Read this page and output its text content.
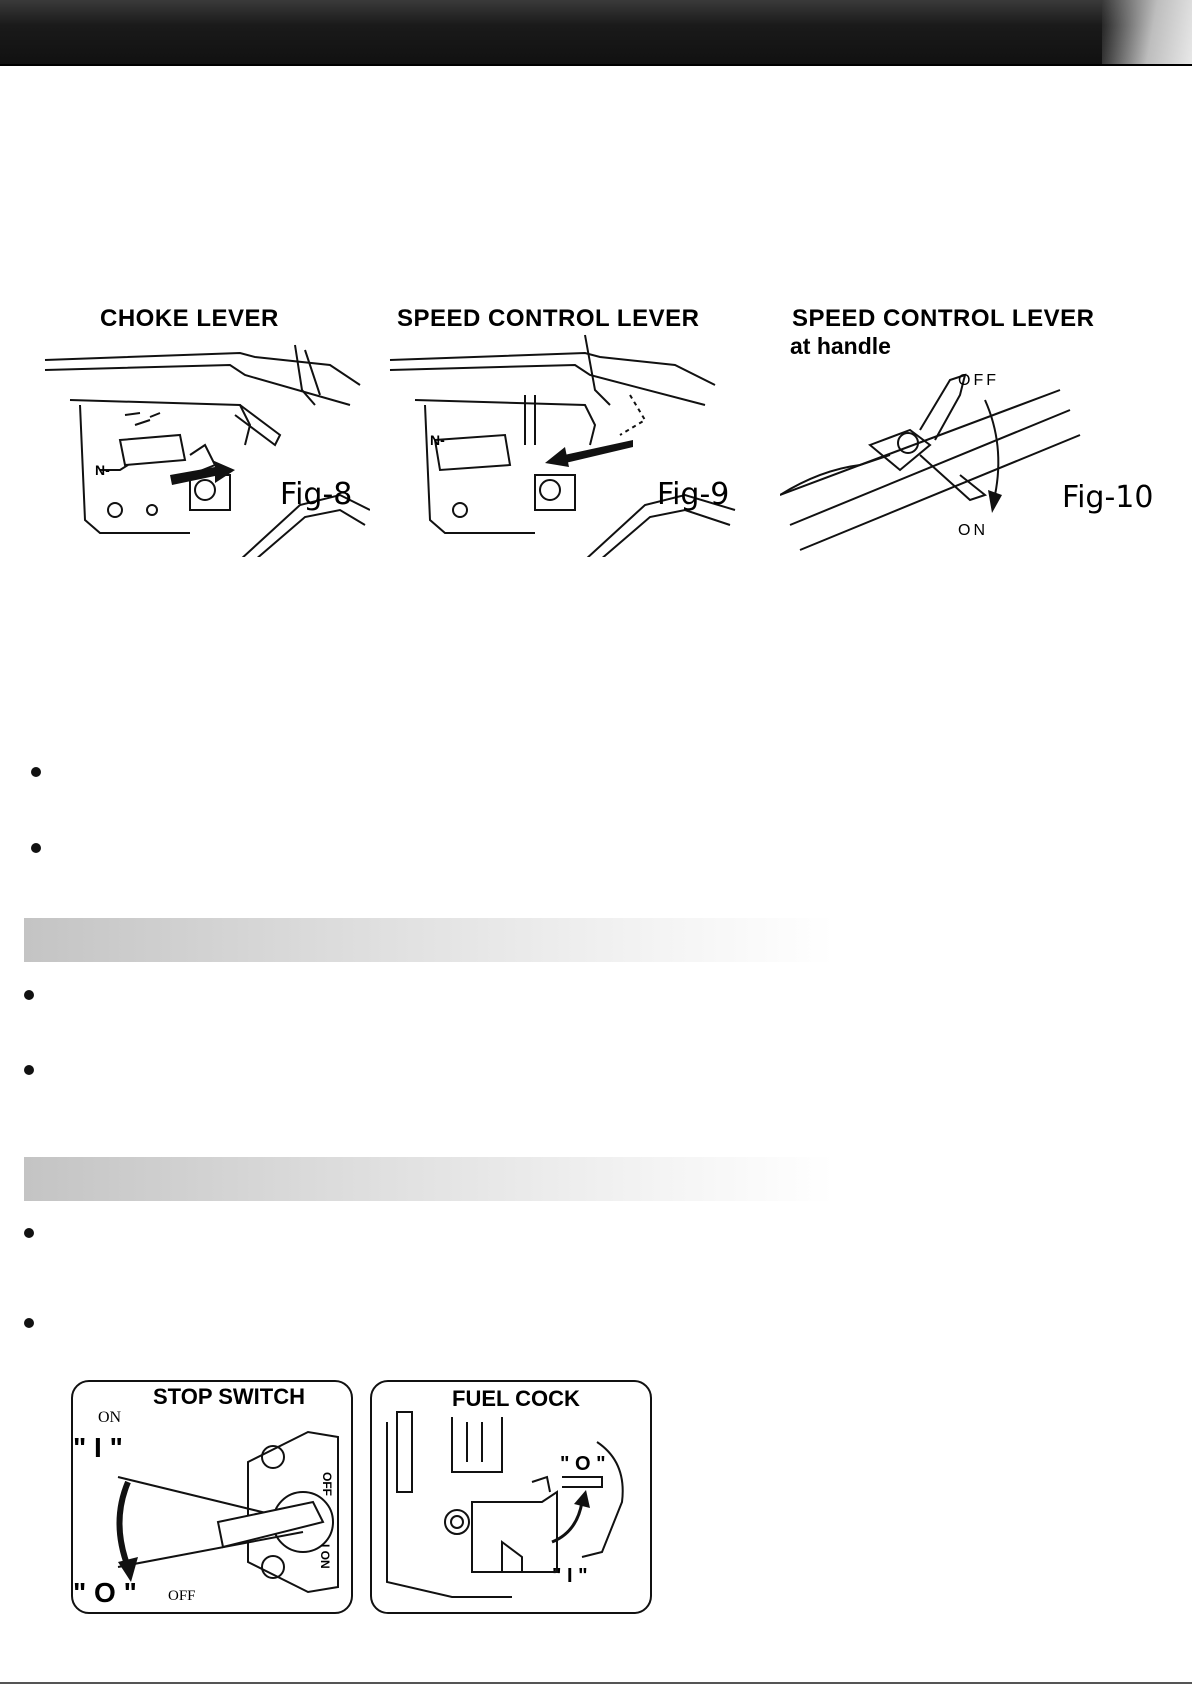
CHOKE LEVER
N-
Fig-8
SPEED CONTROL LEVER
N-
Fig-9
SPEED CONTROL LEVER
at handle
OFF
ON
Fig-10
STOP SWITCH
ON
" I "
" O " OFF
OFF
I ON
FUEL COCK
" O "
" I "
